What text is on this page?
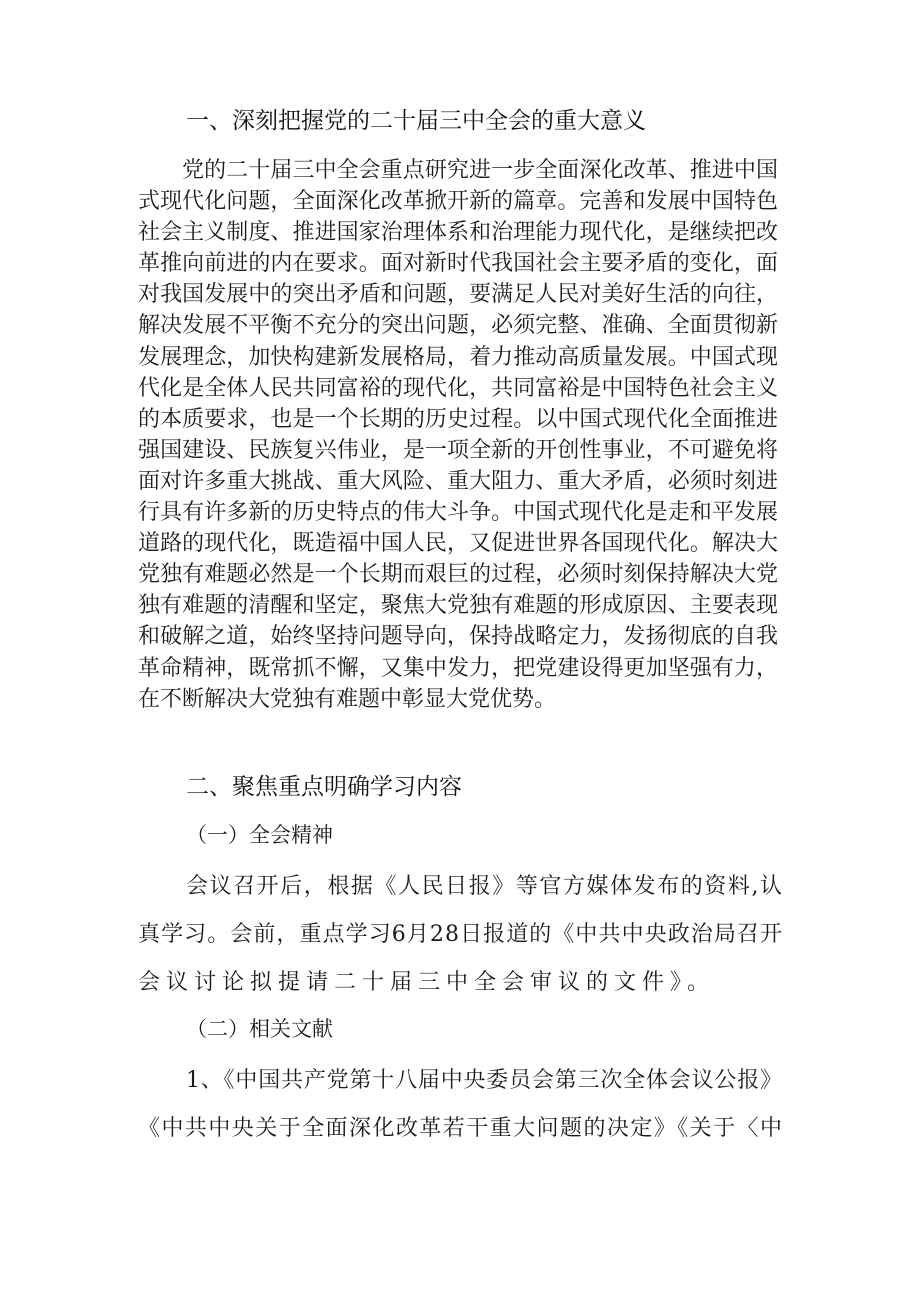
一、深刻把握党的二十届三中全会的重大意义
党的二十届三中全会重点研究进一步全面深化改革、推进中国式现代化问题，全面深化改革掀开新的篇章。完善和发展中国特色社会主义制度、推进国家治理体系和治理能力现代化，是继续把改革推向前进的内在要求。面对新时代我国社会主要矛盾的变化，面对我国发展中的突出矛盾和问题，要满足人民对美好生活的向往，解决发展不平衡不充分的突出问题，必须完整、准确、全面贯彻新发展理念，加快构建新发展格局，着力推动高质量发展。中国式现代化是全体人民共同富裕的现代化，共同富裕是中国特色社会主义的本质要求，也是一个长期的历史过程。以中国式现代化全面推进强国建设、民族复兴伟业，是一项全新的开创性事业，不可避免将面对许多重大挑战、重大风险、重大阻力、重大矛盾，必须时刻进行具有许多新的历史特点的伟大斗争。中国式现代化是走和平发展道路的现代化，既造福中国人民，又促进世界各国现代化。解决大党独有难题必然是一个长期而艰巨的过程，必须时刻保持解决大党独有难题的清醒和坚定，聚焦大党独有难题的形成原因、主要表现和破解之道，始终坚持问题导向，保持战略定力，发扬彻底的自我革命精神，既常抓不懈，又集中发力，把党建设得更加坚强有力，在不断解决大党独有难题中彰显大党优势。
二、聚焦重点明确学习内容
（一）全会精神
会议召开后，根据《人民日报》等官方媒体发布的资料,认
真学习。会前，重点学习6月28日报道的《中共中央政治局召开
会议讨论拟提请二十届三中全会审议的文件》。
（二）相关文献
1、《中国共产党第十八届中央委员会第三次全体会议公报》
《中共中央关于全面深化改革若干重大问题的决定》《关于〈中
